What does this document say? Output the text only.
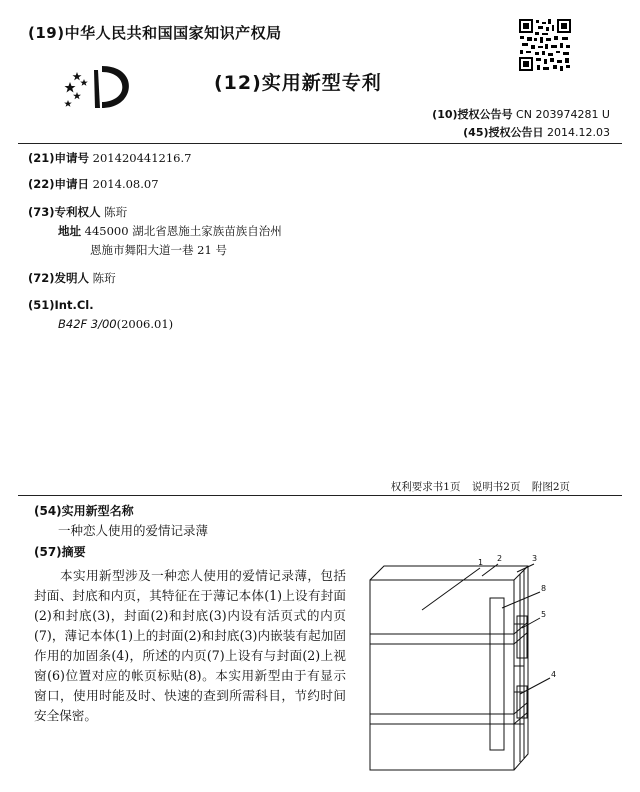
(19)中华人民共和国国家知识产权局
(12)实用新型专利
(10)授权公告号 CN 203974281 U
(45)授权公告日 2014.12.03
(21)申请号 201420441216.7
(22)申请日 2014.08.07
(73)专利权人 陈珩
地址 445000 湖北省恩施土家族苗族自治州
恩施市舞阳大道一巷 21 号
(72)发明人 陈珩
(51)Int.Cl.
B42F 3/00(2006.01)
权利要求书1页 说明书2页 附图2页
(54)实用新型名称
一种恋人使用的爱情记录薄
(57)摘要
本实用新型涉及一种恋人使用的爱情记录薄，包括封面、封底和内页，其特征在于薄记本体(1)上设有封面(2)和封底(3)，封面(2)和封底(3)内设有活页式的内页(7)，薄记本体(1)上的封面(2)和封底(3)内嵌装有起加固作用的加固条(4)，所述的内页(7)上设有与封面(2)上视窗(6)位置对应的帐页标贴(8)。本实用新型由于有显示窗口，使用时能及时、快速的查到所需科目，节约时间安全保密。
1 2	3
8
5
4
